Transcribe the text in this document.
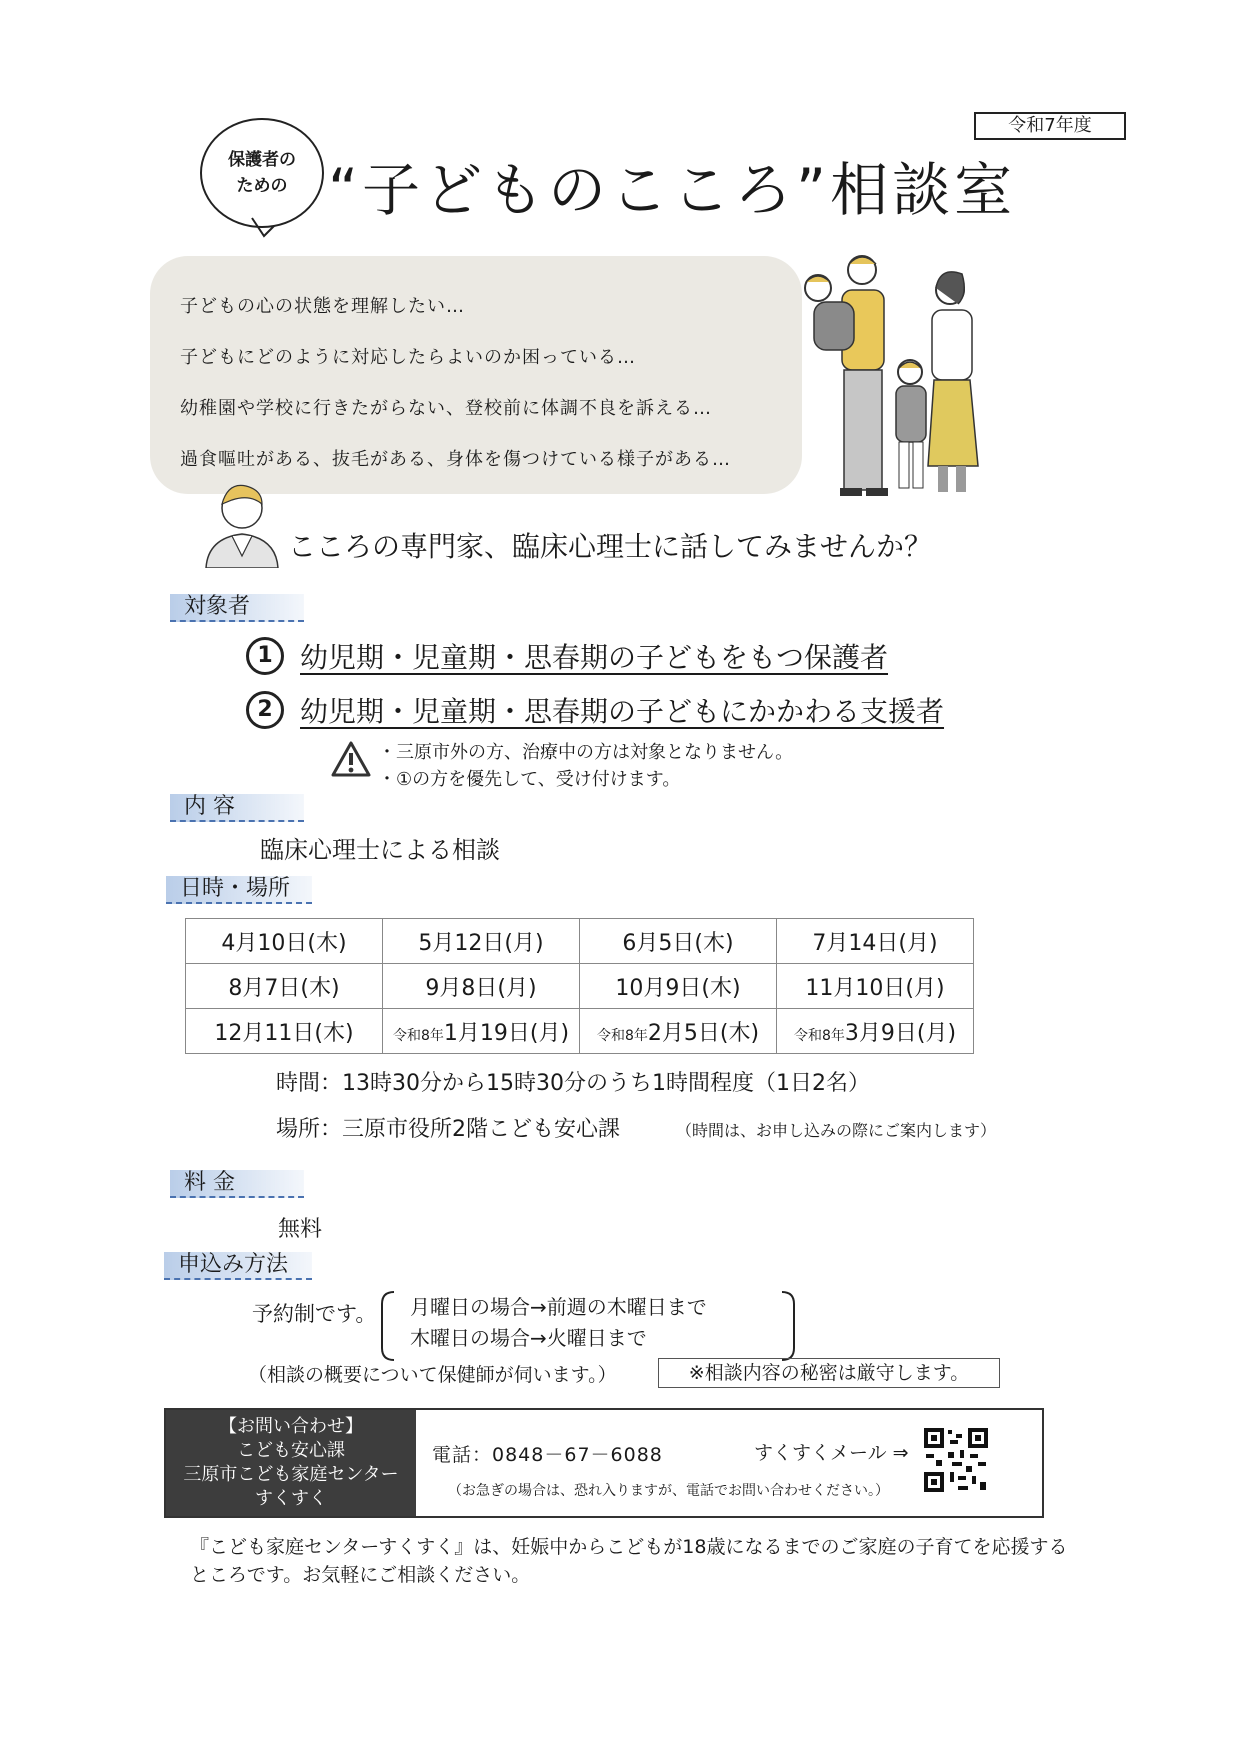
令和7年度
保護者の
ための “子どものこころ”相談室
子どもの心の状態を理解したい…
子どもにどのように対応したらよいのか困っている…
幼稚園や学校に行きたがらない、登校前に体調不良を訴える…
過食嘔吐がある、抜毛がある、身体を傷つけている様子がある…
こころの専門家、臨床心理士に話してみませんか？
対象者
1 幼児期・児童期・思春期の子どもをもつ保護者
2 幼児期・児童期・思春期の子どもにかかわる支援者
・三原市外の方、治療中の方は対象となりません。
・①の方を優先して、受け付けます。
内 容
臨床心理士による相談
日時・場所
4月10日(木)	5月12日(月)	6月5日(木)	7月14日(月)
8月7日(木)	9月8日(月)	10月9日(木)	11月10日(月)
12月11日(木)	令和8年1月19日(月)	令和8年2月5日(木)	令和8年3月9日(月)
時間：13時30分から15時30分のうち1時間程度（1日2名）
場所：三原市役所2階こども安心課	（時間は、お申し込みの際にご案内します）
料 金
無料
申込み方法
予約制です。 月曜日の場合→前週の木曜日まで
木曜日の場合→火曜日まで
（相談の概要について保健師が伺います。）	※相談内容の秘密は厳守します。
【お問い合わせ】
こども安心課
三原市こども家庭センター
すくすく
電話：0848－67－6088	すくすくメール ⇒
（お急ぎの場合は、恐れ入りますが、電話でお問い合わせください。）
『こども家庭センターすくすく』は、妊娠中からこどもが18歳になるまでのご家庭の子育てを応援するところです。お気軽にご相談ください。
